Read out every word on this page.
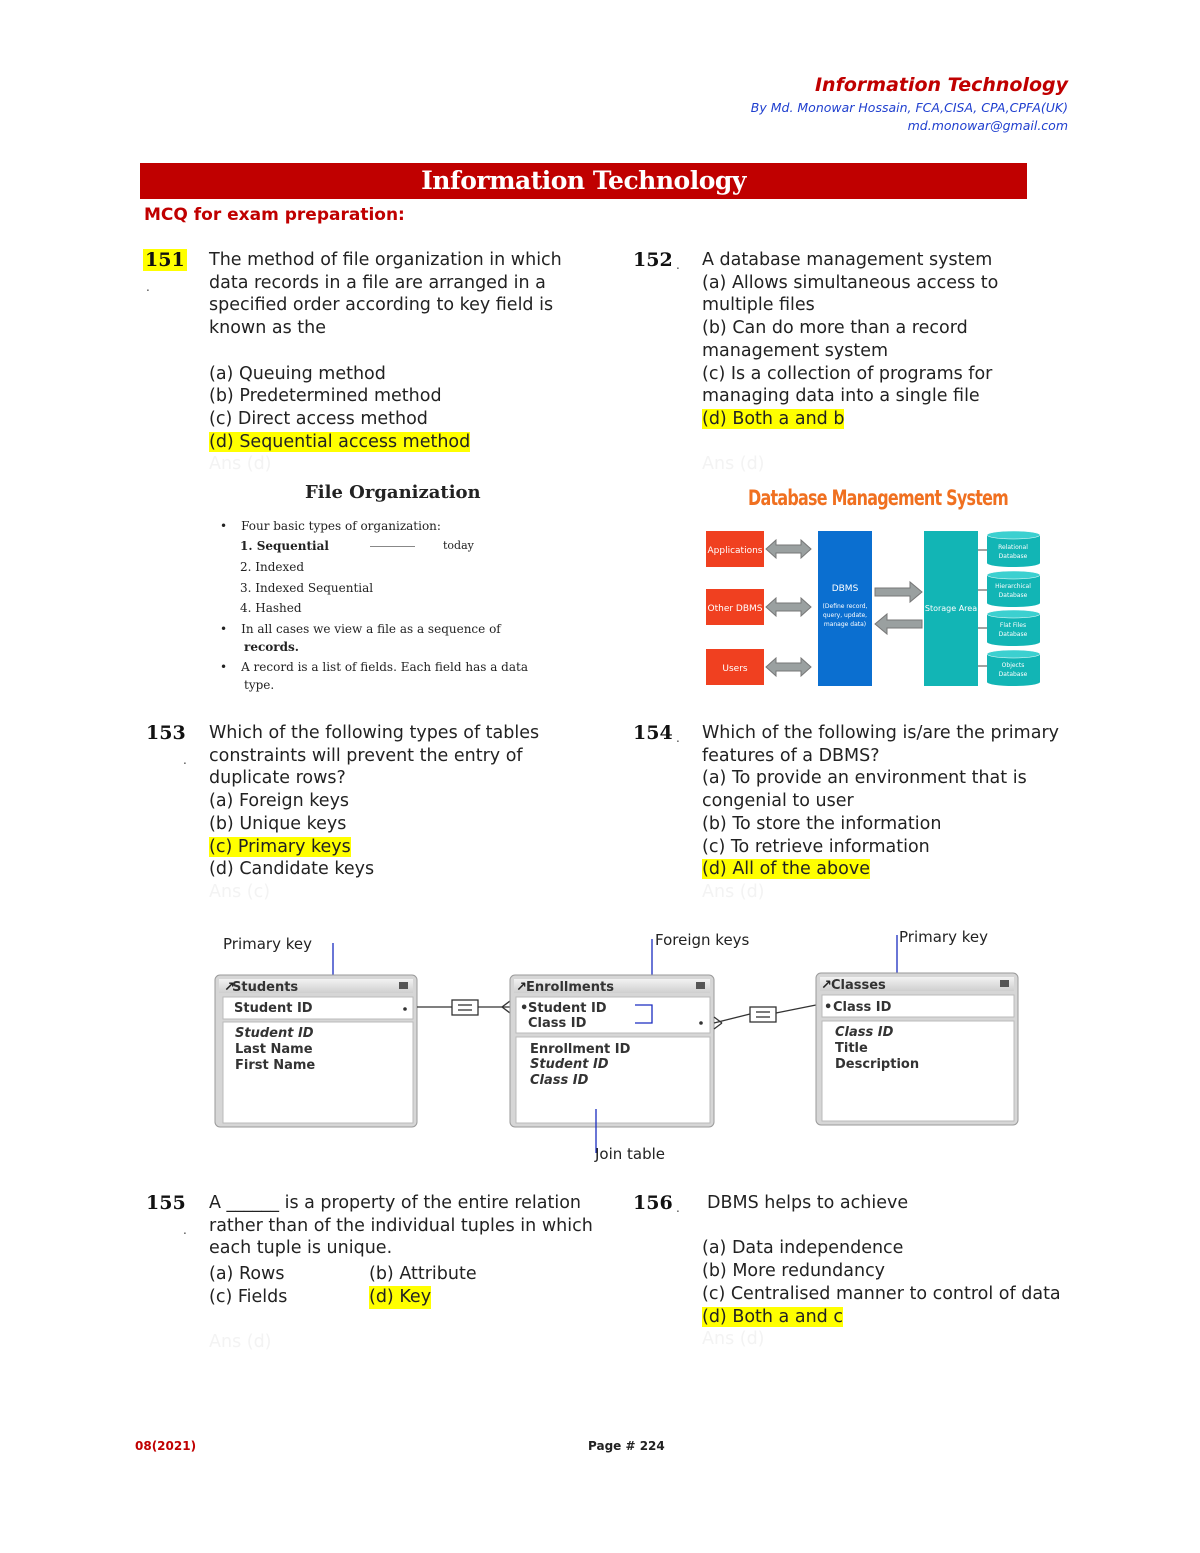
Information Technology
By Md. Monowar Hossain, FCA,CISA, CPA,CPFA(UK)
md.monowar@gmail.com
Information Technology
MCQ for exam preparation:
151
.
The method of file organization in which
data records in a file are arranged in a
specified order according to key field is
known as the

(a) Queuing method
(b) Predetermined method
(c) Direct access method
(d) Sequential access method
Ans (d)
152 . A database management system
(a) Allows simultaneous access to
multiple files
(b) Can do more than a record
management system
(c) Is a collection of programs for
managing data into a single file
(d) Both a and b

Ans (d)
File Organization
• Four basic types of organization:
1. Sequential	today
2. Indexed
3. Indexed Sequential
4. Hashed
• In all cases we view a file as a sequence of
records.
• A record is a list of fields. Each field has a data
type.
Database Management System
Applications
Other DBMS
Users
DBMS
(Define record,
query, update,
manage data)
Storage Area
Relational
Database
Hierarchical
Database
Flat Files
Database
Objects
Database
153
.
Which of the following types of tables
constraints will prevent the entry of
duplicate rows?
(a) Foreign keys
(b) Unique keys
(c) Primary keys
(d) Candidate keys
Ans (c)
154 . Which of the following is/are the primary
features of a DBMS?
(a) To provide an environment that is
congenial to user
(b) To store the information
(c) To retrieve information
(d) All of the above
Ans (d)
Primary key	Foreign keys	Primary key
↗
Students
Student ID
Student ID
Last Name
First Name
↗ Enrollments
• Student ID
Class ID
Enrollment ID
Student ID
Class ID
Join table
↗ Classes
• Class ID
Class ID
Title
Description
155
.
A ______ is a property of the entire relation
rather than of the individual tuples in which
each tuple is unique.
(a) Rows	(b) Attribute
(c) Fields	(d) Key

Ans (d)
156 . DBMS helps to achieve

(a) Data independence
(b) More redundancy
(c) Centralised manner to control of data
(d) Both a and c
Ans (d)
08(2021)	Page # 224
